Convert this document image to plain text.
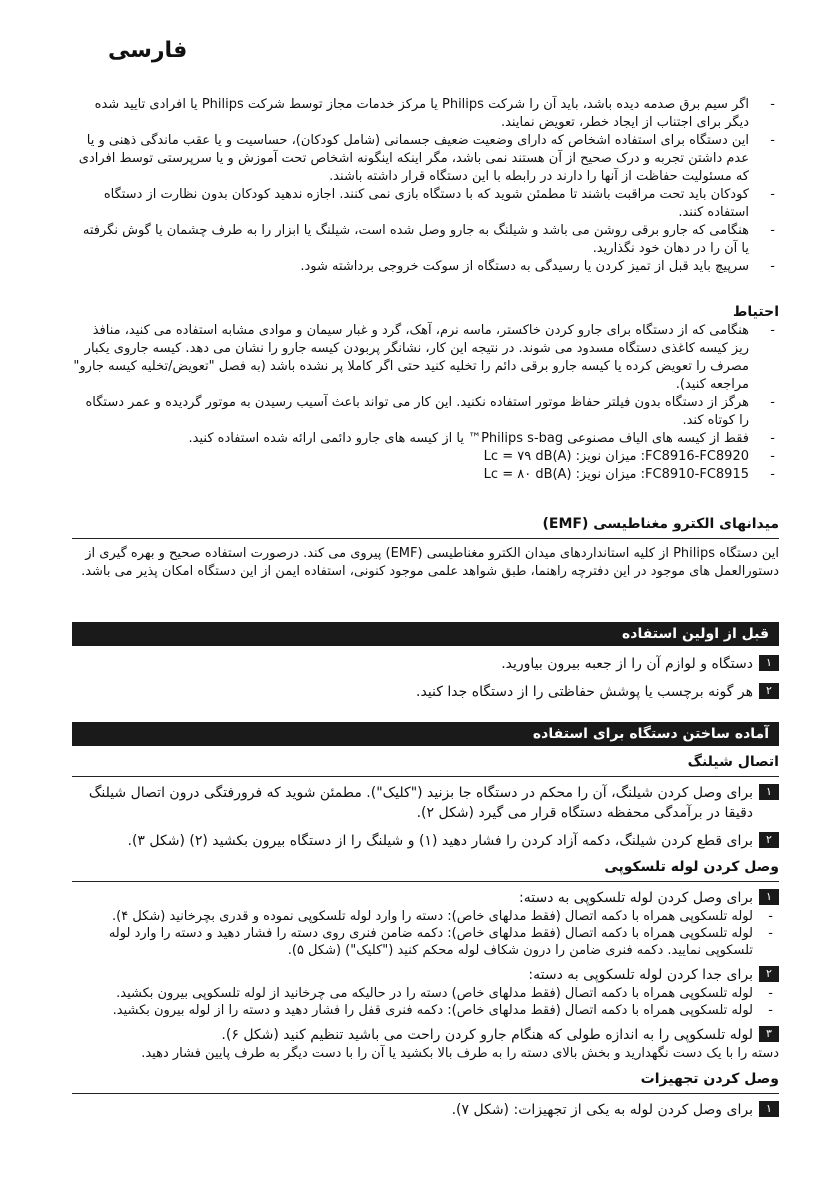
فارسی

-
اگر سیم برق صدمه دیده باشد، باید آن را شرکت Philips یا مرکز خدمات مجاز توسط شرکت Philips یا افرادی تایید شده دیگر برای اجتناب از ایجاد خطر، تعویض نمایند.

-
این دستگاه برای استفاده اشخاص که دارای وضعیت ضعیف جسمانی (شامل کودکان)، حساسیت و یا عقب ماندگی ذهنی و یا عدم داشتن تجربه و درک صحیح از آن هستند نمی باشد، مگر اینکه اینگونه اشخاص تحت آموزش و یا سرپرستی توسط افرادی که مسئولیت حفاظت از آنها را دارند در رابطه با این دستگاه قرار داشته باشند.

-
کودکان باید تحت مراقبت باشند تا مطمئن شوید که با دستگاه بازی نمی کنند. اجازه ندهید کودکان بدون نظارت از دستگاه استفاده کنند.

-
هنگامی که جارو برقی روشن می باشد و شیلنگ به جارو وصل شده است، شیلنگ یا ابزار را به طرف چشمان یا گوش نگرفته یا آن را در دهان خود نگذارید.

-
سرپیچ باید قبل از تمیز کردن یا رسیدگی به دستگاه از سوکت خروجی برداشته شود.

احتیاط

-
هنگامی که از دستگاه برای جارو کردن خاکستر، ماسه نرم، آهک، گرد و غبار سیمان و موادی مشابه استفاده می کنید، منافذ ریز کیسه کاغذی دستگاه مسدود می شوند. در نتیجه این کار، نشانگر پربودن کیسه جارو را نشان می دهد. کیسه جاروی یکبار مصرف را تعویض کرده یا کیسه جارو برقی دائم را تخلیه کنید حتی اگر کاملا پر نشده باشد (به فصل "تعویض/تخلیه کیسه جارو" مراجعه کنید).

-
هرگز از دستگاه بدون فیلتر حفاظ موتور استفاده نکنید. این کار می تواند باعث آسیب رسیدن به موتور گردیده و عمر دستگاه را کوتاه کند.

-
فقط از کیسه های الیاف مصنوعی Philips s-bag™ یا از کیسه های جارو دائمی ارائه شده استفاده کنید.

-
FC8916-FC8920: میزان نویز: Lc = ۷۹ dB(A)

-
FC8910-FC8915: میزان نویز: Lc = ۸۰ dB(A)

میدانهای الکترو مغناطیسی (EMF)

این دستگاه Philips از کلیه استانداردهای میدان الکترو مغناطیسی (EMF) پیروی می کند. درصورت استفاده صحیح و بهره گیری از دستورالعمل های موجود در این دفترچه راهنما، طبق شواهد علمی موجود کنونی، استفاده ایمن از این دستگاه امکان پذیر می باشد.

قبل از اولین استفاده

۱
دستگاه و لوازم آن را از جعبه بیرون بیاورید.

۲
هر گونه برچسب یا پوشش حفاظتی را از دستگاه جدا کنید.

آماده ساختن دستگاه برای استفاده

اتصال شیلنگ

۱
برای وصل کردن شیلنگ، آن را محکم در دستگاه جا بزنید ("کلیک"). مطمئن شوید که فرورفتگی درون اتصال شیلنگ دقیقا در برآمدگی محفظه دستگاه قرار می گیرد (شکل ۲).

۲
برای قطع کردن شیلنگ، دکمه آزاد کردن را فشار دهید (۱) و شیلنگ را از دستگاه بیرون بکشید (۲) (شکل ۳).

وصل کردن لوله تلسکوپی

۱
برای وصل کردن لوله تلسکوپی به دسته:

-
لوله تلسکوپی همراه با دکمه اتصال (فقط مدلهای خاص): دسته را وارد لوله تلسکوپی نموده و قدری بچرخانید (شکل ۴).

-
لوله تلسکوپی همراه با دکمه اتصال (فقط مدلهای خاص): دکمه ضامن فنری روی دسته را فشار دهید و دسته را وارد لوله تلسکوپی نمایید. دکمه فنری ضامن را درون شکاف لوله محکم کنید ("کلیک") (شکل ۵).

۲
برای جدا کردن لوله تلسکوپی به دسته:

-
لوله تلسکوپی همراه با دکمه اتصال (فقط مدلهای خاص) دسته را در حالیکه می چرخانید از لوله تلسکوپی بیرون بکشید.

-
لوله تلسکوپی همراه با دکمه اتصال (فقط مدلهای خاص): دکمه فنری قفل را فشار دهید و دسته را از لوله بیرون بکشید.

۳
لوله تلسکوپی را به اندازه طولی که هنگام جارو کردن راحت می باشید تنظیم کنید (شکل ۶).

دسته را با یک دست نگهدارید و بخش بالای دسته را به طرف بالا بکشید یا آن را با دست دیگر به طرف پایین فشار دهید.

وصل کردن تجهیزات

۱
برای وصل کردن لوله به یکی از تجهیزات: (شکل ۷).
